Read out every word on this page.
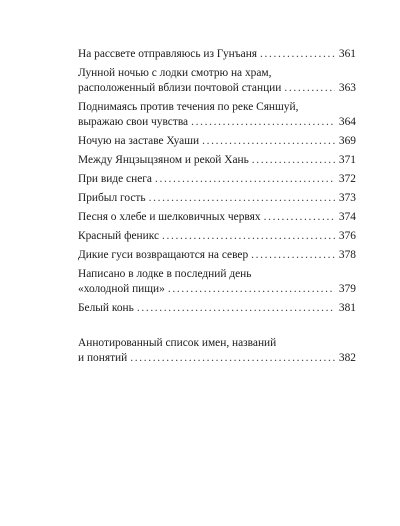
На рассвете отправляюсь из Гунъаня . . .	361
Лунной ночью с лодки смотрю на храм,
расположенный вблизи почтовой станции . . .	363
Поднимаясь против течения по реке Сяншуй,
выражаю свои чувства . . .	364
Ночую на заставе Хуаши . . .	369
Между Янцзыцзяном и рекой Хань . . .	371
При виде снега . . .	372
Прибыл гость . . .	373
Песня о хлебе и шелковичных червях . . .	374
Красный феникс . . .	376
Дикие гуси возвращаются на север . . .	378
Написано в лодке в последний день
«холодной пищи» . . .	379
Белый конь . . .	381
Аннотированный список имен, названий
и понятий . . .	382
